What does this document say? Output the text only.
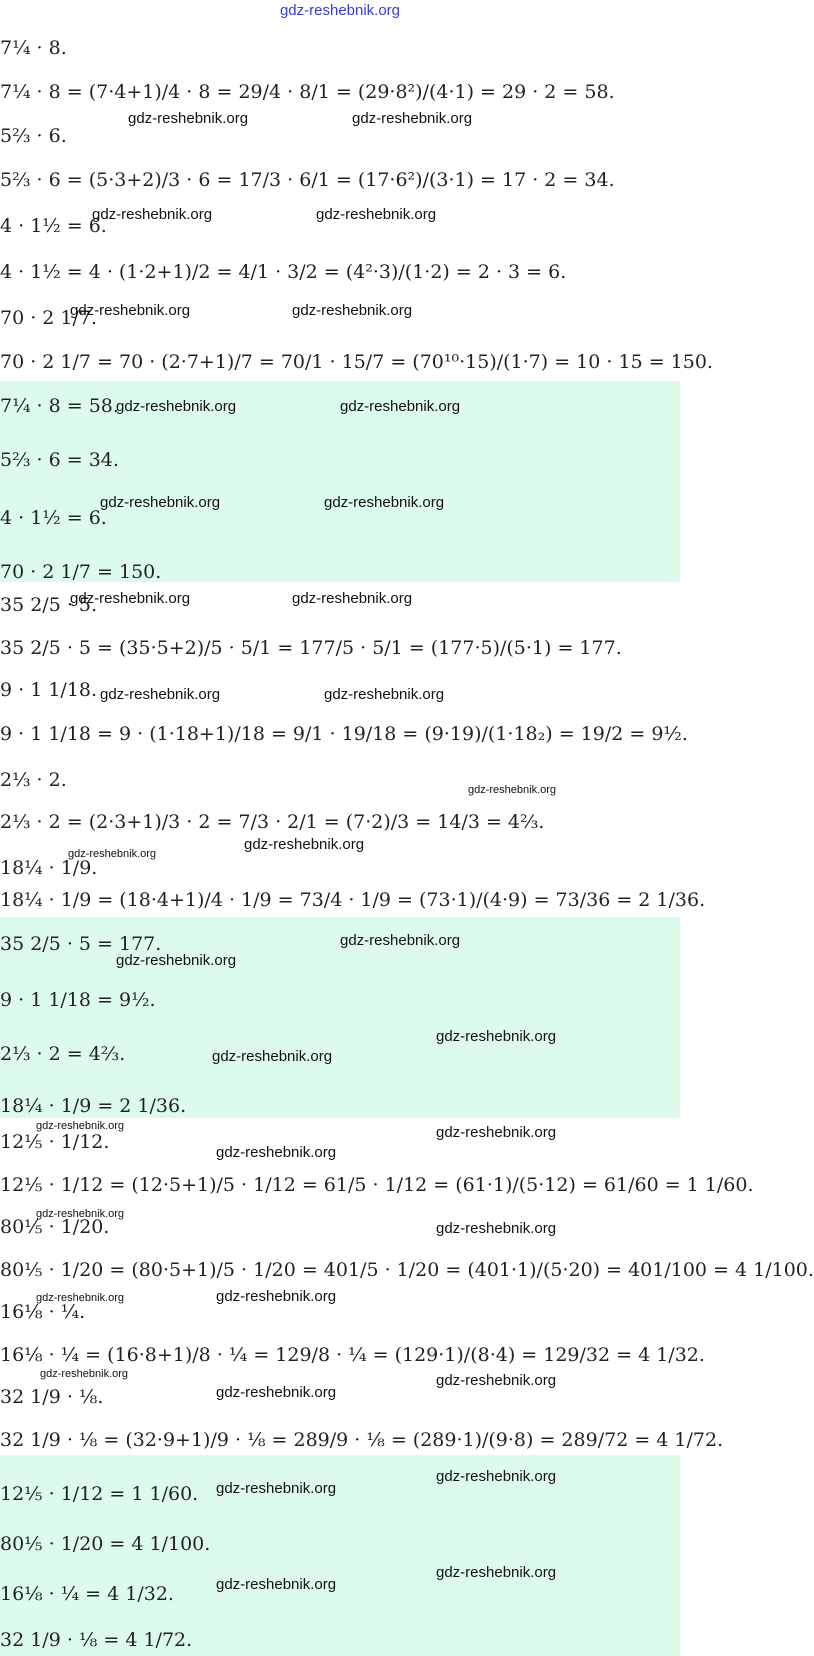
gdz-reshebnik.org
7¼ · 8.
7¼ · 8 = (7·4+1)/4 · 8 = 29/4 · 8/1 = (29·8²)/(4·1) = 29 · 2 = 58.
5⅔ · 6.
5⅔ · 6 = (5·3+2)/3 · 6 = 17/3 · 6/1 = (17·6²)/(3·1) = 17 · 2 = 34.
4 · 1½ = 6.
4 · 1½ = 4 · (1·2+1)/2 = 4/1 · 3/2 = (4²·3)/(1·2) = 2 · 3 = 6.
70 · 2 1/7.
70 · 2 1/7 = 70 · (2·7+1)/7 = 70/1 · 15/7 = (70¹⁰·15)/(1·7) = 10 · 15 = 150.
7¼ · 8 = 58.
5⅔ · 6 = 34.
4 · 1½ = 6.
70 · 2 1/7 = 150.
35 2/5 · 5.
35 2/5 · 5 = (35·5+2)/5 · 5/1 = 177/5 · 5/1 = (177·5)/(5·1) = 177.
9 · 1 1/18.
9 · 1 1/18 = 9 · (1·18+1)/18 = 9/1 · 19/18 = (9·19)/(1·18₂) = 19/2 = 9½.
2⅓ · 2.
2⅓ · 2 = (2·3+1)/3 · 2 = 7/3 · 2/1 = (7·2)/3 = 14/3 = 4⅔.
18¼ · 1/9.
18¼ · 1/9 = (18·4+1)/4 · 1/9 = 73/4 · 1/9 = (73·1)/(4·9) = 73/36 = 2 1/36.
35 2/5 · 5 = 177.
9 · 1 1/18 = 9½.
2⅓ · 2 = 4⅔.
18¼ · 1/9 = 2 1/36.
12⅕ · 1/12.
12⅕ · 1/12 = (12·5+1)/5 · 1/12 = 61/5 · 1/12 = (61·1)/(5·12) = 61/60 = 1 1/60.
80⅕ · 1/20.
80⅕ · 1/20 = (80·5+1)/5 · 1/20 = 401/5 · 1/20 = (401·1)/(5·20) = 401/100 = 4 1/100.
16⅛ · ¼.
16⅛ · ¼ = (16·8+1)/8 · ¼ = 129/8 · ¼ = (129·1)/(8·4) = 129/32 = 4 1/32.
32 1/9 · ⅛.
32 1/9 · ⅛ = (32·9+1)/9 · ⅛ = 289/9 · ⅛ = (289·1)/(9·8) = 289/72 = 4 1/72.
12⅕ · 1/12 = 1 1/60.
80⅕ · 1/20 = 4 1/100.
16⅛ · ¼ = 4 1/32.
32 1/9 · ⅛ = 4 1/72.
gdz-reshebnik.org	gdz-reshebnik.org
gdz-reshebnik.org	gdz-reshebnik.org
gdz-reshebnik.org	gdz-reshebnik.org
gdz-reshebnik.org	gdz-reshebnik.org
gdz-reshebnik.org	gdz-reshebnik.org
gdz-reshebnik.org	gdz-reshebnik.org
gdz-reshebnik.org	gdz-reshebnik.org
gdz-reshebnik.org
gdz-reshebnik.org
gdz-reshebnik.org
gdz-reshebnik.org
gdz-reshebnik.org
gdz-reshebnik.org
gdz-reshebnik.org
gdz-reshebnik.org	gdz-reshebnik.org
gdz-reshebnik.org
gdz-reshebnik.org
gdz-reshebnik.org
gdz-reshebnik.org	gdz-reshebnik.org
gdz-reshebnik.org	gdz-reshebnik.org
gdz-reshebnik.org
gdz-reshebnik.org
gdz-reshebnik.org
gdz-reshebnik.org
gdz-reshebnik.org
